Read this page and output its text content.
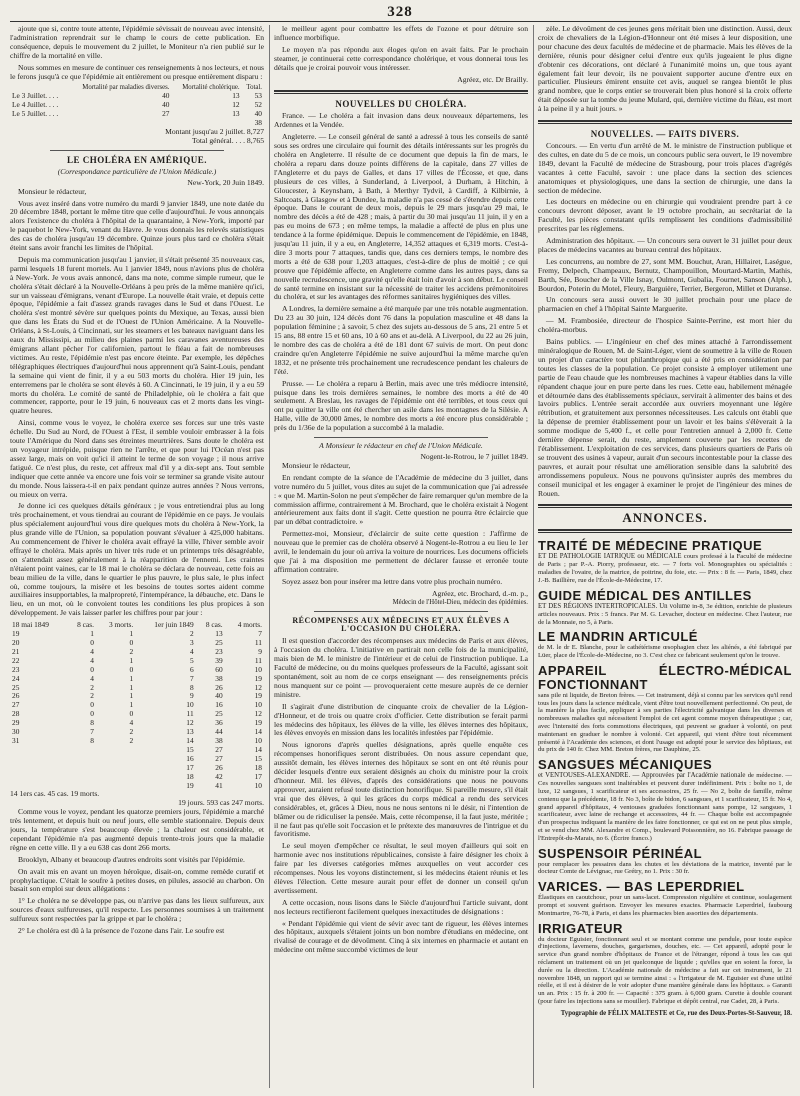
328

ajoute que si, contre toute attente, l'épidémie sévissait de nouveau avec intensité, l'administration reprendrait sur le champ le cours de cette publication. En conséquence, depuis le mouvement du 2 juillet, le Moniteur n'a rien publié sur le chiffre de la mortalité en ville.

Nous sommes en mesure de continuer ces renseignements à nos lecteurs, et nous le ferons jusqu'à ce que l'épidémie ait entièrement ou presque entièrement disparu :

	Mortalité par maladies diverses.	Mortalité cholérique.	Total.
Le 3 Juillet. . . .	40	13	53
Le 4 Juillet. . . .	40	12	52
Le 5 Juillet. . . .	27	13	40
			38
Montant jusqu'au 2 juillet. 8,727
Total général. . . . 8,765
LE CHOLÉRA EN AMÉRIQUE.
(Correspondance particulière de l'Union Médicale.)
New-York, 20 Juin 1849.

Monsieur le rédacteur,

Vous avez inséré dans votre numéro du mardi 9 janvier 1849, une note datée du 20 décembre 1848, portant le même titre que celle d'aujourd'hui. Je vous annonçais alors l'existence du choléra à l'hôpital de la quarantaine, à New-York, importé par le paquebot le New-York, venant du Havre. Je vous donnais les relevés statistiques des cas de choléra jusqu'au 19 décembre. Quinze jours plus tard ce choléra s'était éteint sans avoir franchi les limites de l'hôpital.

Depuis ma communication jusqu'au 1 janvier, il s'était présenté 35 nouveaux cas, parmi lesquels 18 furent mortels. Au 1 janvier 1849, nous n'avions plus de choléra à New-York. Je vous avais annoncé, dans ma note, comme simple rumeur, que le choléra s'était déclaré à la Nouvelle-Orléans à peu près de la même manière qu'ici, sur un vaisseau d'émigrans, venant d'Europe. La nouvelle était vraie, et depuis cette époque, l'épidémie a fait d'assez grands ravages dans le Sud et dans l'Ouest. Le choléra s'est montré sévère sur quelques points du Mexique, au Texas, aussi bien que dans les États du Sud et de l'Ouest de l'Union Américaine. A la Nouvelle-Orléans, à St-Louis, à Cincinnati, sur les steamers et les bateaux naviguant dans les eaux du Mississipi, au milieu des plaines parmi les caravanes aventureuses des émigrans allant pêcher l'or californien, partout le fléau a fait de nombreuses victimes. Au reste, l'épidémie n'est pas encore éteinte. Par exemple, les dépêches télégraphiques électriques d'aujourd'hui nous apprennent qu'à Saint-Louis, pendant la semaine qui vient de finir, il y a eu 503 morts du choléra. Hier 19 juin, les enterremens par le choléra se sont élevés à 60. A Cincinnati, le 19 juin, il y a eu 59 morts du choléra. Le comité de santé de Philadelphie, où le choléra a fait que commencer, rapporte, pour le 19 juin, 6 nouveaux cas et 2 morts dans les vingt-quatre heures.

Ainsi, comme vous le voyez, le choléra exerce ses forces sur une très vaste échelle. Du Sud au Nord, de l'Ouest à l'Est, il semble vouloir embrasser à la fois toute l'Amérique du Nord dans ses étreintes meurtrières. Sans doute le choléra est un voyageur intrépide, puisque rien ne l'arrête, et que pour lui l'Océan n'est pas assez large, mais on voit qu'ici il atteint le terme de son voyage ; il nous arrive fatigué. Ce n'est plus, du reste, cet affreux mal d'il y a dix-sept ans. Tout semble indiquer que cette année va encore une fois voir se terminer sa grande visite autour du monde. Nous laissera-t-il en paix pendant quinze autres années ? Nous verrons, ou mieux on verra.

Je donne ici ces quelques détails généraux ; je vous entretiendrai plus au long très prochainement, et vous tiendrai au courant de l'épidémie en ce pays. Je voulais plus spécialement aujourd'hui vous dire quelques mots du choléra à New-York, la plus grande ville de l'Union, sa population pouvant s'évaluer à 425,000 habitans. Au commencement de l'hiver le choléra avait effrayé la ville, l'hiver semble avoir effrayé le choléra. Mais après un hiver très rude et un printemps très désagréable, on s'attendait assez généralement à la réapparition de l'ennemi. Les craintes n'étaient point vaines, car le 18 mai le choléra se déclara de nouveau, cette fois au beau milieu de la ville, dans le quartier le plus pauvre, le plus sale, le plus infect où, comme toujours, la misère et les besoins de toutes sortes aident comme auxiliaires insupportables, la malpropreté, l'intempérance, la débauche, etc. Dans le lieu, en un mot, où le convoient toutes les conditions les plus propices à son développement. Je vais laisser parler les chiffres pour par jour :

18 mai 1849	8 cas.	3 morts.	1er juin 1849	8 cas.	4 morts.
19	1	1	2	13	7
20	0	0	3	25	11
21	4	2	4	23	9
22	4	1	5	39	11
23	0	0	6	60	10
24	4	1	7	38	19
25	2	1	8	26	12
26	2	1	9	40	19
27	0	1	10	16	10
28	0	0	11	25	12
29	8	4	12	36	19
30	7	2	13	44	14
31	8	2	14	38	10
			15	27	14
			16	27	15
			17	26	18
			18	42	17
			19	41	10
14 1ers cas. 45 cas. 19 morts.
19 jours. 593 cas 247 morts.

Comme vous le voyez, pendant les quatorze premiers jours, l'épidémie a marché très lentement, et depuis huit ou neuf jours, elle semble stationnaire. Depuis deux jours, la température s'est beaucoup élevée ; la chaleur est considérable, et cependant l'épidémie n'a pas augmenté depuis trente-trois jours que la maladie règne en cette ville. Il y a eu 638 cas dont 266 morts.

Brooklyn, Albany et beaucoup d'autres endroits sont visités par l'épidémie.

On avait mis en avant un moyen héroïque, disait-on, comme remède curatif et prophylactique. C'était le soufre à petites doses, en pilules, associé au charbon. On basait son emploi sur deux allégations :

1° Le choléra ne se développe pas, ou n'arrive pas dans les lieux sulfureux, aux sources d'eaux sulfureuses, qu'il respecte. Les personnes soumises à un traitement sulfureux sont respectées par la grippe et par le choléra ;

2° Le choléra est dû à la présence de l'ozone dans l'air. Le soufre est

le meilleur agent pour combattre les effets de l'ozone et pour détruire son influence morbifique.

Le moyen n'a pas répondu aux éloges qu'on en avait faits. Par le prochain steamer, je continuerai cette correspondance cholérique, et vous donnerai tous les détails que je croirai pouvoir vous intéresser.

Agréez, etc. Dr Brailly.
NOUVELLES DU CHOLÉRA.

France. — Le choléra a fait invasion dans deux nouveaux départemens, les Ardennes et la Vendée.

Angleterre. — Le conseil général de santé a adressé à tous les conseils de santé sous ses ordres une circulaire qui fournit des détails intéressants sur les progrès du choléra en Angleterre. Il résulte de ce document que depuis la fin de mars, le choléra a reparu dans douze points différens de la capitale, dans 27 villes de l'Angleterre et du pays de Galles, et dans 17 villes de l'Écosse, et que, dans plusieurs de ces villes, à Sunderland, à Liverpool, à Durham, à Hitchin, à Gloucester, à Keynsham, à Bath, à Merthyr Tydvil, à Cardiff, à Kilbirnie, à Saltcoats, à Glasgow et à Dundee, la maladie n'a pas cessé de s'étendre depuis cette époque. Dans le courant de deux mois, depuis le 29 mars jusqu'au 29 mai, le nombre des décès a été de 428 ; mais, à partir du 30 mai jusqu'au 11 juin, il y en a pas eu moins de 673 ; en même temps, la maladie a affecté de plus en plus une tendance à la forme épidémique. Depuis le commencement de l'épidémie, en 1848, jusqu'au 11 juin, il y a eu, en Angleterre, 14,352 attaques et 6,319 morts. C'est-à-dire 3 morts pour 7 attaques, tandis que, dans ces derniers temps, le nombre des morts a été de 638 pour 1,203 attaques, c'est-à-dire de plus de moitié ; ce qui prouve que l'épidémie affecte, en Angleterre comme dans les autres pays, dans sa nouvelle recrudescence, une gravité qu'elle était loin d'avoir à son début. Le conseil de santé termine en insistant sur la nécessité de traiter les accidens prémonitoires du choléra, et sur les avantages des réformes sanitaires hygiéniques des villes.

A Londres, la dernière semaine a été marquée par une très notable augmentation. Du 23 au 30 juin, 124 décès dont 76 dans la population masculine et 48 dans la population féminine ; à savoir, 5 chez des sujets au-dessous de 5 ans, 21 entre 5 et 15 ans, 88 entre 15 et 60 ans, 10 à 60 ans et au-delà. A Liverpool, du 22 au 26 juin, le nombre des cas de choléra a été de 181 dont 67 suivis de mort. On peut donc craindre qu'en Angleterre l'épidémie ne suive aujourd'hui la même marche qu'en 1832, et ne présente très prochainement une recrudescence pendant les chaleurs de l'été.

Prusse. — Le choléra a reparu à Berlin, mais avec une très médiocre intensité, puisque dans les trois dernières semaines, le nombre des morts a été de 40 seulement. A Breslau, les ravages de l'épidémie ont été terribles, et tous ceux qui ont pu quitter la ville ont été chercher un asile dans les montagnes de la Silésie. A Halle, ville de 30,000 âmes, le nombre des morts a été encore plus considérable ; près du 1/36e de la population a succombé à la maladie.

A Monsieur le rédacteur en chef de l'Union Médicale.
Nogent-le-Rotrou, le 7 juillet 1849.

Monsieur le rédacteur,

En rendant compte de la séance de l'Académie de médecine du 3 juillet, dans votre numéro du 5 juillet, vous dites au sujet de la communication que j'ai adressée : « que M. Martin-Solon ne peut s'empêcher de faire remarquer qu'un membre de la commission affirme, contrairement à M. Brochard, que le choléra existait à Nogent antérieurement aux faits dont il s'agit. Cette question ne pourra être éclaircie que par un débat contradictoire. »

Permettez-moi, Monsieur, d'éclaircir de suite cette question : J'affirme de nouveau que le premier cas de choléra observé à Nogent-le-Rotrou a eu lieu le 1er avril, le lendemain du jour où arriva la voiture de nourrices. Les documens officiels que j'ai à ma disposition me permettent de déclarer fausse et erronée toute affirmation contraire.

Soyez assez bon pour insérer ma lettre dans votre plus prochain numéro.

Agréez, etc. Brochard, d.-m. p.,
Médecin de l'Hôtel-Dieu, médecin des épidémies.
RÉCOMPENSES AUX MÉDECINS ET AUX ÉLÈVES A L'OCCASION DU CHOLÉRA.

Il est question d'accorder des récompenses aux médecins de Paris et aux élèves, à l'occasion du choléra. L'initiative en partirait non celle fois de la municipalité, mais bien de M. le ministre de l'intérieur et de celui de l'instruction publique. La Faculté de médecine, ou du moins quelques professeurs de la Faculté, agissant soit spontanément, soit au nom de ce corps enseignant — des renseignements précis nous manquent sur ce point — provoqueraient cette mesure auprès de ce dernier ministre.

Il s'agirait d'une distribution de cinquante croix de chevalier de la Légion-d'Honneur, et de trois ou quatre croix d'officier. Cette distribution se ferait parmi les médecins des hôpitaux, les élèves de la ville, les élèves internes des hôpitaux, les élèves envoyés en mission dans les localités infestées par l'épidémie.

Nous ignorons d'après quelles désignations, après quelle enquête ces récompenses honorifiques seront distribuées. On nous assure cependant que, aussitôt demain, les élèves internes des hôpitaux se sont en ont été réunis pour décider lesquels d'entre eux seraient désignés au choix du ministre pour la croix d'honneur. Mil. les élèves, d'après des considérations que nous ne pouvons approuver, auraient refusé toute distinction honorifique. Si pareille mesure, s'il était vrai que des élèves, à qui les grâces du corps médical a rendu des services considérables, et, grâces à Dieu, nous ne nous sentons ni le désir, ni l'intention de blâmer ou de ridiculiser la pensée. Mais, cette récompense, il la faut juste, méritée ; il ne faut pas qu'elle soit l'occasion et le prétexte des manœuvres de l'intrigue et du favoritisme.

Le seul moyen d'empêcher ce résultat, le seul moyen d'ailleurs qui soit en harmonie avec nos institutions républicaines, consiste à faire désigner les choix à faire par les diverses catégories mêmes auxquelles on veut accorder ces récompenses. Nous les voyons distinctement, si les médecins étaient réunis et les élèves l'élection. Cette mesure aurait pour effet de donner un conseil qu'un avertissement.

A cette occasion, nous lisons dans le Siècle d'aujourd'hui l'article suivant, dont nos lecteurs rectifieront facilement quelques inexactitudes de désignations :

« Pendant l'épidémie qui vient de sévir avec tant de rigueur, les élèves internes des hôpitaux, auxquels s'étaient joints un bon nombre d'étudians en médecine, ont rivalisé de courage et de dévoûment. Cinq à six internes en pharmacie et autant en médecine ont même succombé victimes de leur

zèle. Le dévoûment de ces jeunes gens méritait bien une distinction. Aussi, deux croix de chevaliers de la Légion-d'Honneur ont été mises à leur disposition, une pour chacune des deux facultés de médecine et de pharmacie. Mais les élèves de la dernière, réunis pour désigner celui d'entre eux qu'ils jugeaient le plus digne d'obtenir ces décorations, ont déclaré à l'unanimité moins un, que tous ayant également fait leur devoir, ils ne pouvaient supporter aucune d'entre eux en particulier. Plusieurs émirent ensuite cet avis, auquel se rangea bientôt le plus grand nombre, que le corps entier se trouverait bien plus honoré si la croix offerte était déposée sur la tombe du jeune Mulard, qui, dernière victime du fléau, est mort à la peine il y a huit jours. »

NOUVELLES. — FAITS DIVERS.

Concours. — En vertu d'un arrêté de M. le ministre de l'instruction publique et des cultes, en date du 5 de ce mois, un concours public sera ouvert, le 19 novembre 1849, devant la Faculté de médecine de Strasbourg, pour trois places d'agrégés vacantes à cette Faculté, savoir : une place dans la section des sciences anatomiques et physiologiques, une dans la section de chirurgie, une dans la section de médecine.

Les docteurs en médecine ou en chirurgie qui voudraient prendre part à ce concours devront déposer, avant le 19 octobre prochain, au secrétariat de la Faculté, les pièces constatant qu'ils remplissent les conditions d'admissibilité prescrites par les règlemens.

Administration des hôpitaux. — Un concours sera ouvert le 31 juillet pour deux places de médecins vacantes au bureau central des hôpitaux.

Les concurrens, au nombre de 27, sont MM. Bouchut, Aran, Hillairet, Laségue, Fremy, Delpech, Champeaux, Bernutz, Champouillon, Mourtard-Martin, Mathis, Barth, Sée, Boucher de la Ville Isnay, Oulmont, Gubalia, Fournet, Sanson (Alph.), Bourdon, Poterin du Motel, Fleury, Barguière, Terrier, Bergeron, Millet et Duranse.

Un concours sera aussi ouvert le 30 juillet prochain pour une place de pharmacien en chef à l'hôpital Sainte Marguerite.

— M. Frambosiée, directeur de l'hospice Sainte-Perrine, est mort hier du choléra-morbus.

Bains publics. — L'ingénieur en chef des mines attaché à l'arrondissement minéralogique de Rouen, M. de Saint-Léger, vient de soumettre à la ville de Rouen un projet d'un caractère tout philanthropique qui a été pris en considération par toutes les classes de la population. Ce projet consiste à employer utilement une partie de l'eau chaude que les nombreuses machines à vapeur établies dans la ville répandent chaque jour en pure perte dans les rues. Cette eau, habilement ménagée et détournée dans des établissements spéciaux, servirait à alimenter des bains et des lavoirs publics. L'entrée serait accordée aux ouvriers moyennant une légère rétribution, et gratuitement aux personnes nécessiteuses. Les calculs ont établi que la dépense de premier établissement pour un lavoir et les bains s'élèverait à la somme modique de 5,400 f., et celle pour l'entretien annuel à 2,000 fr. Cette dernière dépense serait, du reste, amplement couverte par les recettes de l'établissement. L'exploitation de ces services, dans plusieurs quartiers de Paris où se trouvent des usines à vapeur, aurait d'un secours incontestable pour la classe des pauvres, et aurait pour résultat une amélioration sensible dans la salubrité des arrondissemens populeux. Nous ne pouvons qu'insister auprès des membres du conseil municipal et les engager à examiner le projet de l'ingénieur des mines de Rouen.

ANNONCES.
TRAITÉ DE MÉDECINE PRATIQUE
ET DE PATHOLOGIE IATRIQUE ou MÉDICALE cours professé à la Faculté de médecine de Paris ; par P.-A. Piorry, professeur, etc. — 7 forts vol. Monographies ou spécialités : maladies de l'ovaire, de la matrice, de poitrine, du foie, etc. — Prix : 8 fr. — Paris, 1849, chez J.-B. Baillière, rue de l'École-de-Médecine, 17.
GUIDE MÉDICAL DES ANTILLES
ET DES RÉGIONS INTERTROPICALES. Un volume in-8, 3e édition, enrichie de plusieurs articles nouveaux. Prix : 5 francs. Par M. G. Levacher, docteur en médecine. Chez l'auteur, rue de la Monnaie, no 5, à Paris.
LE MANDRIN ARTICULÉ
de M. le dr E. Blanche, pour le cathétérisme œsophagien chez les aliénés, a été fabriqué par Lüer, place de l'École-de-Médecine, no 3. C'est chez ce fabricant seulement qu'on le trouve.
APPAREIL ÉLECTRO-MÉDICAL FONCTIONNANT
sans pile ni liquide, de Breton frères. — Cet instrument, déjà si connu par les services qu'il rend tous les jours dans la science médicale, vient d'être tout nouvellement perfectionné. On peut, de la manière la plus facile, appliquer à ses parties l'électricité galvanique dans les diverses et nombreuses maladies qui nécessitent l'emploi de cet agent comme moyen thérapeutique ; car, avec l'intensité des forts commotions électriques, qui peuvent se graduer à volonté, on peut maintenant en graduer le nombre à volonté. Cet appareil, qui vient d'être tout récemment présenté à l'Académie des sciences, et dont l'usage est adopté pour le service des hôpitaux, est du prix de 140 fr. Chez MM. Breton frères, rue Dauphine, 25.
SANGSUES MÉCANIQUES
et VENTOUSES-ALEXANDRE. — Approuvées par l'Académie nationale de médecine. — Ces nouvelles sangsues sont inaltérables et peuvent durer indéfiniment. Prix : boîte no 1, de luxe, 12 sangsues, 1 scarificateur et ses accessoires, 25 fr. — No 2, boîte de famille, même contenu que la précédente, 18 fr. No 3, boîte de bidon, 6 sangsues, et 1 scarificateur, 15 fr. No 4, grand appareil d'hôpitaux, 4 ventouses graduées fonctionnant sans pompe, 12 sangsues, 1 scarificateur, avec laine de rechange et accessoires, 44 fr. — Chaque boîte est accompagnée d'un prospectus indiquant la manière de les faire fonctionner, ce qui est on ne peut plus simple, et se vend chez MM. Alexandre et Comp., boulevard Poissonnière, no 16. Fabrique passage de l'Entrepôt-du-Marais, no 6. (Écrire franco.)
SUSPENSOIR PÉRINÉAL
pour remplacer les pessaires dans les chutes et les déviations de la matrice, inventé par le docteur Comte de Lévignac, rue Grétry, no 1. Prix : 30 fr.
VARICES. — BAS LEPERDRIEL
Élastiques en caoutchouc, pour un sans-lacet. Compression régulière et continue, soulagement prompt et souvent guérison. Envoyer les mesures exactes. Pharmacie Leperdriel, faubourg Montmartre, 76-78, à Paris, et dans les pharmacies bien assorties des départements.
IRRIGATEUR
du docteur Eguisier, fonctionnant seul et se montant comme une pendule, pour toute espèce d'injections, lavemens, douches, gargarismes, douches, etc. — Cet appareil, adopté pour le service d'un grand nombre d'hôpitaux de France et de l'étranger, répond à tous les cas qui réclament un traitement où un jet quelconque de liquide ; qu'elles que en soient la force, la durée ou la direction. L'Académie nationale de médecine a fait sur cet instrument, le 21 novembre 1848, un rapport qui se termine ainsi : « l'irrigateur de M. Eguisier est d'une utilité réelle, et il est à désirer de le voir adopter d'une manière générale dans les hôpitaux. » Garanti un an. Prix : 15 fr. à 200 fr. — Capacité : 375 gram. à 6,000 gram. Curette à double courant (pour faire les injections sans se mouiller). Fabrique et dépôt central, rue Cadet, 28, à Paris.
Typographie de FÉLIX MALTESTE et Ce, rue des Deux-Portes-St-Sauveur, 18.
